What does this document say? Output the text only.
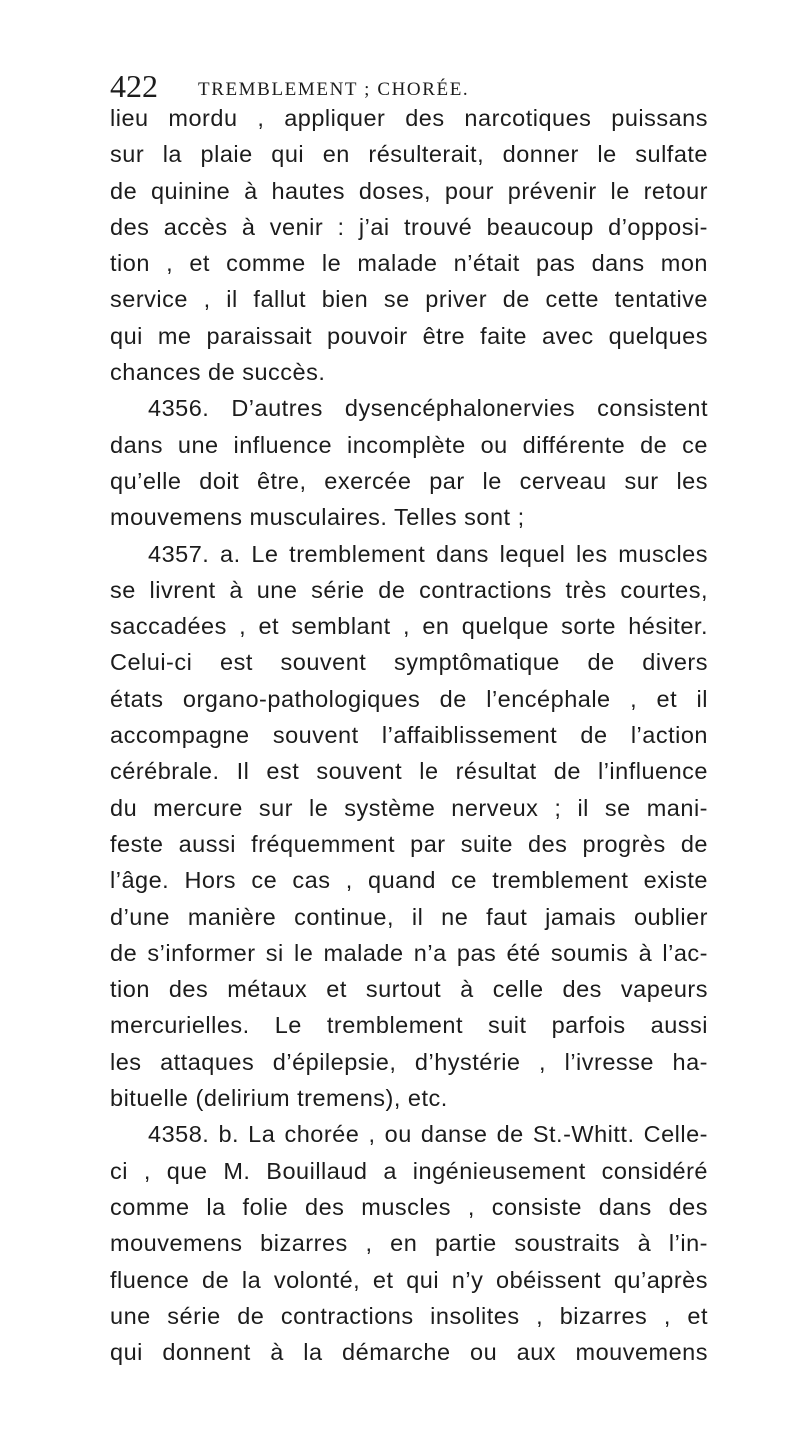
422 TREMBLEMENT ; CHORÉE.
lieu mordu , appliquer des narcotiques puissans
sur la plaie qui en résulterait, donner le sulfate
de quinine à hautes doses, pour prévenir le retour
des accès à venir : j’ai trouvé beaucoup d’opposi-
tion , et comme le malade n’était pas dans mon
service , il fallut bien se priver de cette tentative
qui me paraissait pouvoir être faite avec quelques
chances de succès.
4356. D’autres dysencéphalonervies consistent
dans une influence incomplète ou différente de ce
qu’elle doit être, exercée par le cerveau sur les
mouvemens musculaires. Telles sont ;
4357. a. Le tremblement dans lequel les muscles
se livrent à une série de contractions très courtes,
saccadées , et semblant , en quelque sorte hésiter.
Celui-ci est souvent symptômatique de divers
états organo-pathologiques de l’encéphale , et il
accompagne souvent l’affaiblissement de l’action
cérébrale. Il est souvent le résultat de l’influence
du mercure sur le système nerveux ; il se mani-
feste aussi fréquemment par suite des progrès de
l’âge. Hors ce cas , quand ce tremblement existe
d’une manière continue, il ne faut jamais oublier
de s’informer si le malade n’a pas été soumis à l’ac-
tion des métaux et surtout à celle des vapeurs
mercurielles. Le tremblement suit parfois aussi
les attaques d’épilepsie, d’hystérie , l’ivresse ha-
bituelle (delirium tremens), etc.
4358. b. La chorée , ou danse de St.-Whitt. Celle-
ci , que M. Bouillaud a ingénieusement considéré
comme la folie des muscles , consiste dans des
mouvemens bizarres , en partie soustraits à l’in-
fluence de la volonté, et qui n’y obéissent qu’après
une série de contractions insolites , bizarres , et
qui donnent à la démarche ou aux mouvemens
